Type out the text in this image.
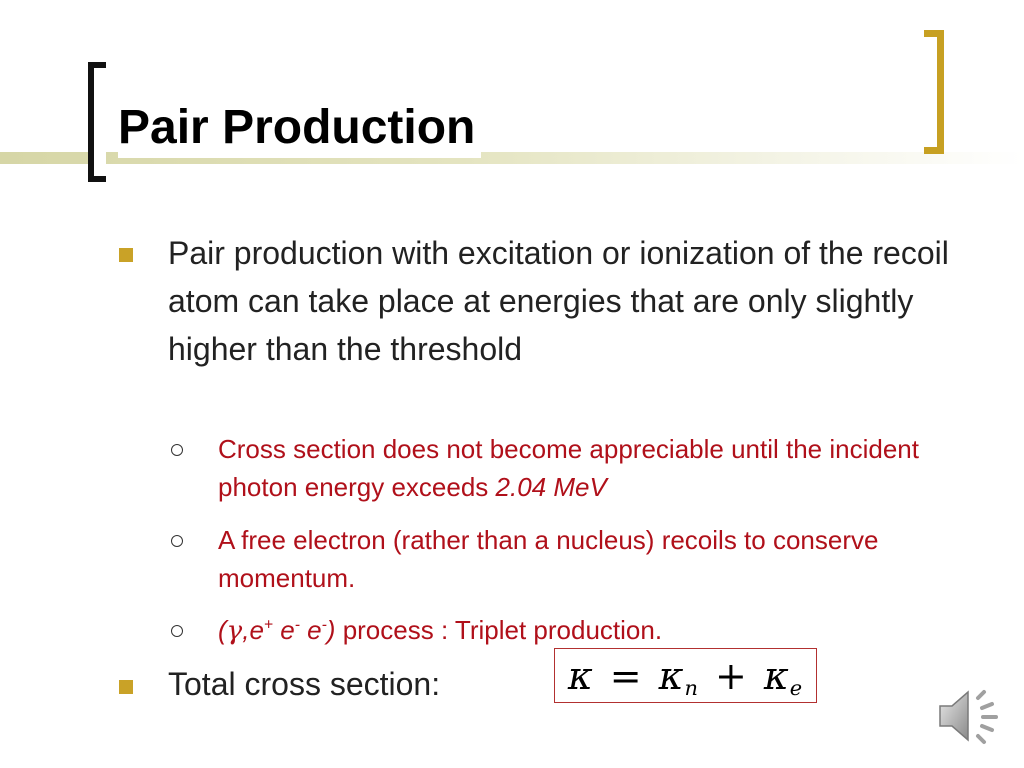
Pair Production
Pair production with excitation or ionization of the recoil atom can take place at energies that are only slightly higher than the threshold
Cross section does not become appreciable until the incident photon energy exceeds 2.04 MeV
A free electron (rather than a nucleus) recoils to conserve momentum.
(γ,e+ e- e-) process : Triplet production.
Total cross section:	$\kappa = \kappa_n + \kappa_e$
